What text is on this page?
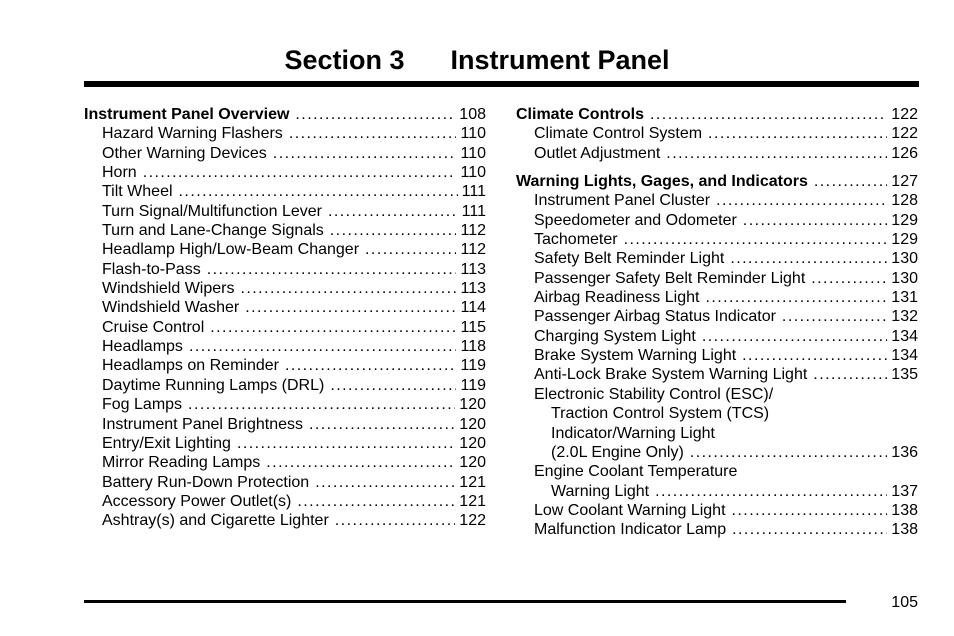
Section 3 Instrument Panel
Instrument Panel Overview . . .	108
Hazard Warning Flashers . . .	110
Other Warning Devices . . .	110
Horn . . .	110
Tilt Wheel . . .	111
Turn Signal/Multifunction Lever . . .	111
Turn and Lane-Change Signals . . .	112
Headlamp High/Low-Beam Changer . . .	112
Flash-to-Pass . . .	113
Windshield Wipers . . .	113
Windshield Washer . . .	114
Cruise Control . . .	115
Headlamps . . .	118
Headlamps on Reminder . . .	119
Daytime Running Lamps (DRL) . . .	119
Fog Lamps . . .	120
Instrument Panel Brightness . . .	120
Entry/Exit Lighting . . .	120
Mirror Reading Lamps . . .	120
Battery Run-Down Protection . . .	121
Accessory Power Outlet(s) . . .	121
Ashtray(s) and Cigarette Lighter . . .	122
Climate Controls . . .	122
Climate Control System . . .	122
Outlet Adjustment . . .	126
Warning Lights, Gages, and Indicators . . .	127
Instrument Panel Cluster . . .	128
Speedometer and Odometer . . .	129
Tachometer . . .	129
Safety Belt Reminder Light . . .	130
Passenger Safety Belt Reminder Light . . .	130
Airbag Readiness Light . . .	131
Passenger Airbag Status Indicator . . .	132
Charging System Light . . .	134
Brake System Warning Light . . .	134
Anti-Lock Brake System Warning Light . . .	135
Electronic Stability Control (ESC)/
Traction Control System (TCS)
Indicator/Warning Light
(2.0L Engine Only) . . .	136
Engine Coolant Temperature
Warning Light . . .	137
Low Coolant Warning Light . . .	138
Malfunction Indicator Lamp . . .	138
105
